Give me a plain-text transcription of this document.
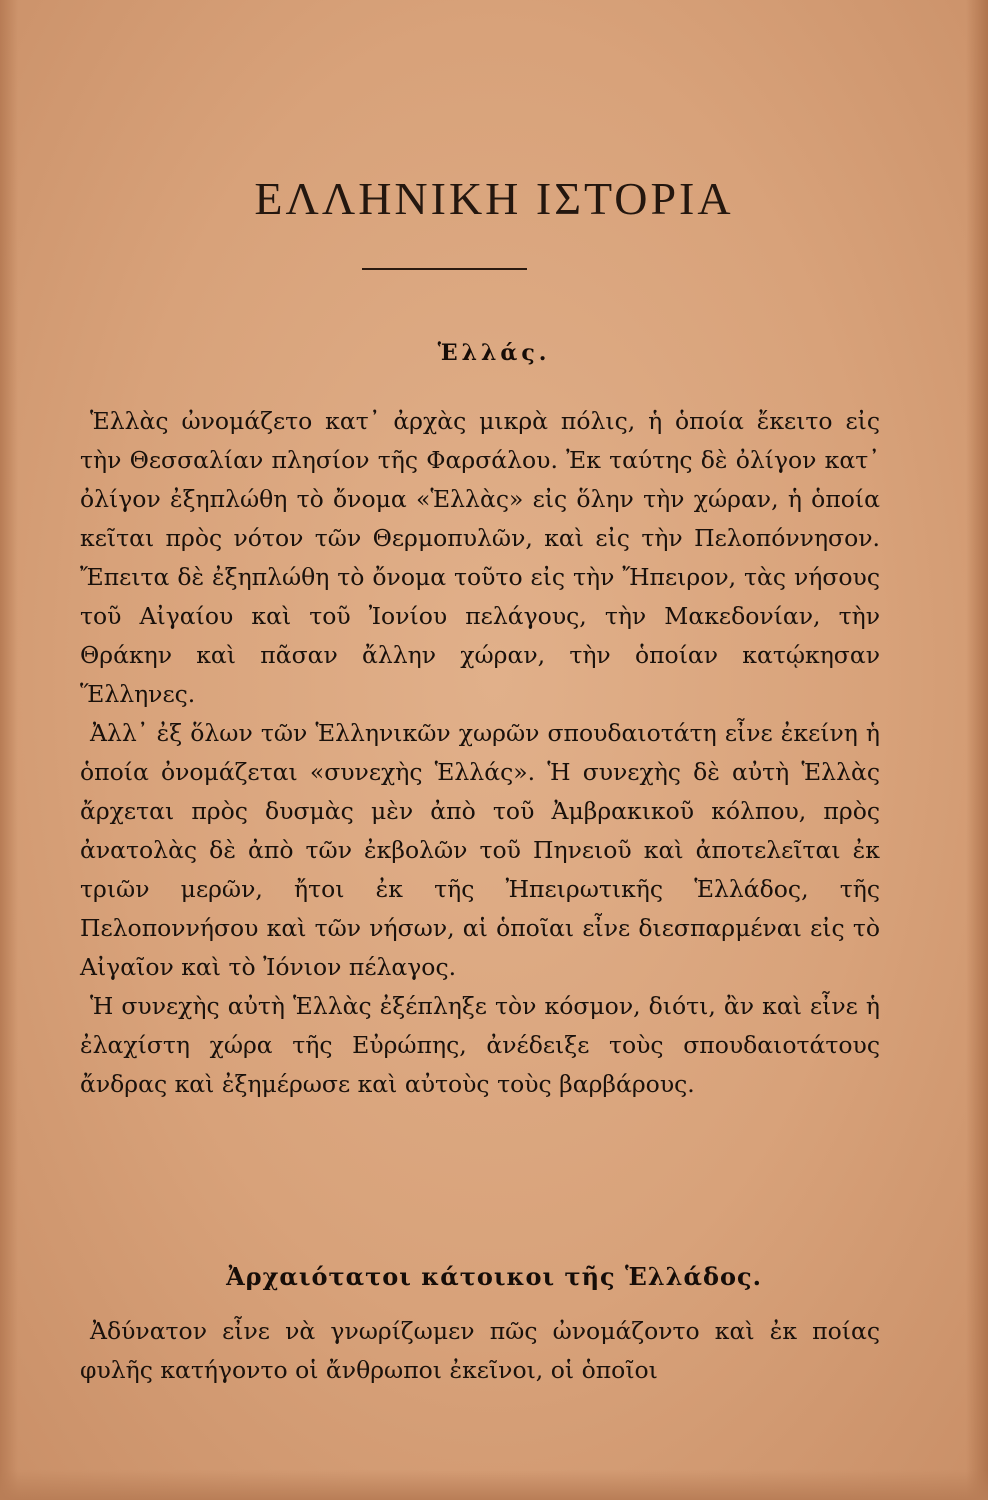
ΕΛΛΗΝΙΚΗ ΙΣΤΟΡΙΑ
Ἑλλάς.

Ἑλλὰς ὠνομάζετο κατ᾽ ἀρχὰς μικρὰ πόλις, ἡ ὁποία ἔκειτο εἰς τὴν Θεσσαλίαν πλησίον τῆς Φαρσάλου. Ἐκ ταύτης δὲ ὀλίγον κατ᾽ ὀλίγον ἐξηπλώθη τὸ ὄνομα «Ἑλλὰς» εἰς ὅλην τὴν χώραν, ἡ ὁποία κεῖται πρὸς νότον τῶν Θερμοπυλῶν, καὶ εἰς τὴν Πελοπόννησον. Ἔπειτα δὲ ἐξηπλώθη τὸ ὄνομα τοῦτο εἰς τὴν Ἤπειρον, τὰς νήσους τοῦ Αἰγαίου καὶ τοῦ Ἰονίου πελάγους, τὴν Μακεδονίαν, τὴν Θράκην καὶ πᾶσαν ἄλλην χώραν, τὴν ὁποίαν κατῴκησαν Ἕλληνες.

Ἀλλ᾽ ἐξ ὅλων τῶν Ἑλληνικῶν χωρῶν σπουδαιοτάτη εἶνε ἐκείνη ἡ ὁποία ὀνομάζεται «συνεχὴς Ἑλλάς». Ἡ συνεχὴς δὲ αὐτὴ Ἑλλὰς ἄρχεται πρὸς δυσμὰς μὲν ἀπὸ τοῦ Ἀμβρακικοῦ κόλπου, πρὸς ἀνατολὰς δὲ ἀπὸ τῶν ἐκβολῶν τοῦ Πηνειοῦ καὶ ἀποτελεῖται ἐκ τριῶν μερῶν, ἤτοι ἐκ τῆς Ἠπειρωτικῆς Ἑλλάδος, τῆς Πελοποννήσου καὶ τῶν νήσων, αἱ ὁποῖαι εἶνε διεσπαρμέναι εἰς τὸ Αἰγαῖον καὶ τὸ Ἰόνιον πέλαγος.

Ἡ συνεχὴς αὐτὴ Ἑλλὰς ἐξέπληξε τὸν κόσμον, διότι, ἂν καὶ εἶνε ἡ ἐλαχίστη χώρα τῆς Εὐρώπης, ἀνέδειξε τοὺς σπουδαιοτάτους ἄνδρας καὶ ἐξημέρωσε καὶ αὐτοὺς τοὺς βαρβάρους.

Ἀρχαιότατοι κάτοικοι τῆς Ἑλλάδος.

Ἀδύνατον εἶνε νὰ γνωρίζωμεν πῶς ὠνομάζοντο καὶ ἐκ ποίας φυλῆς κατήγοντο οἱ ἄνθρωποι ἐκεῖνοι, οἱ ὁποῖοι
